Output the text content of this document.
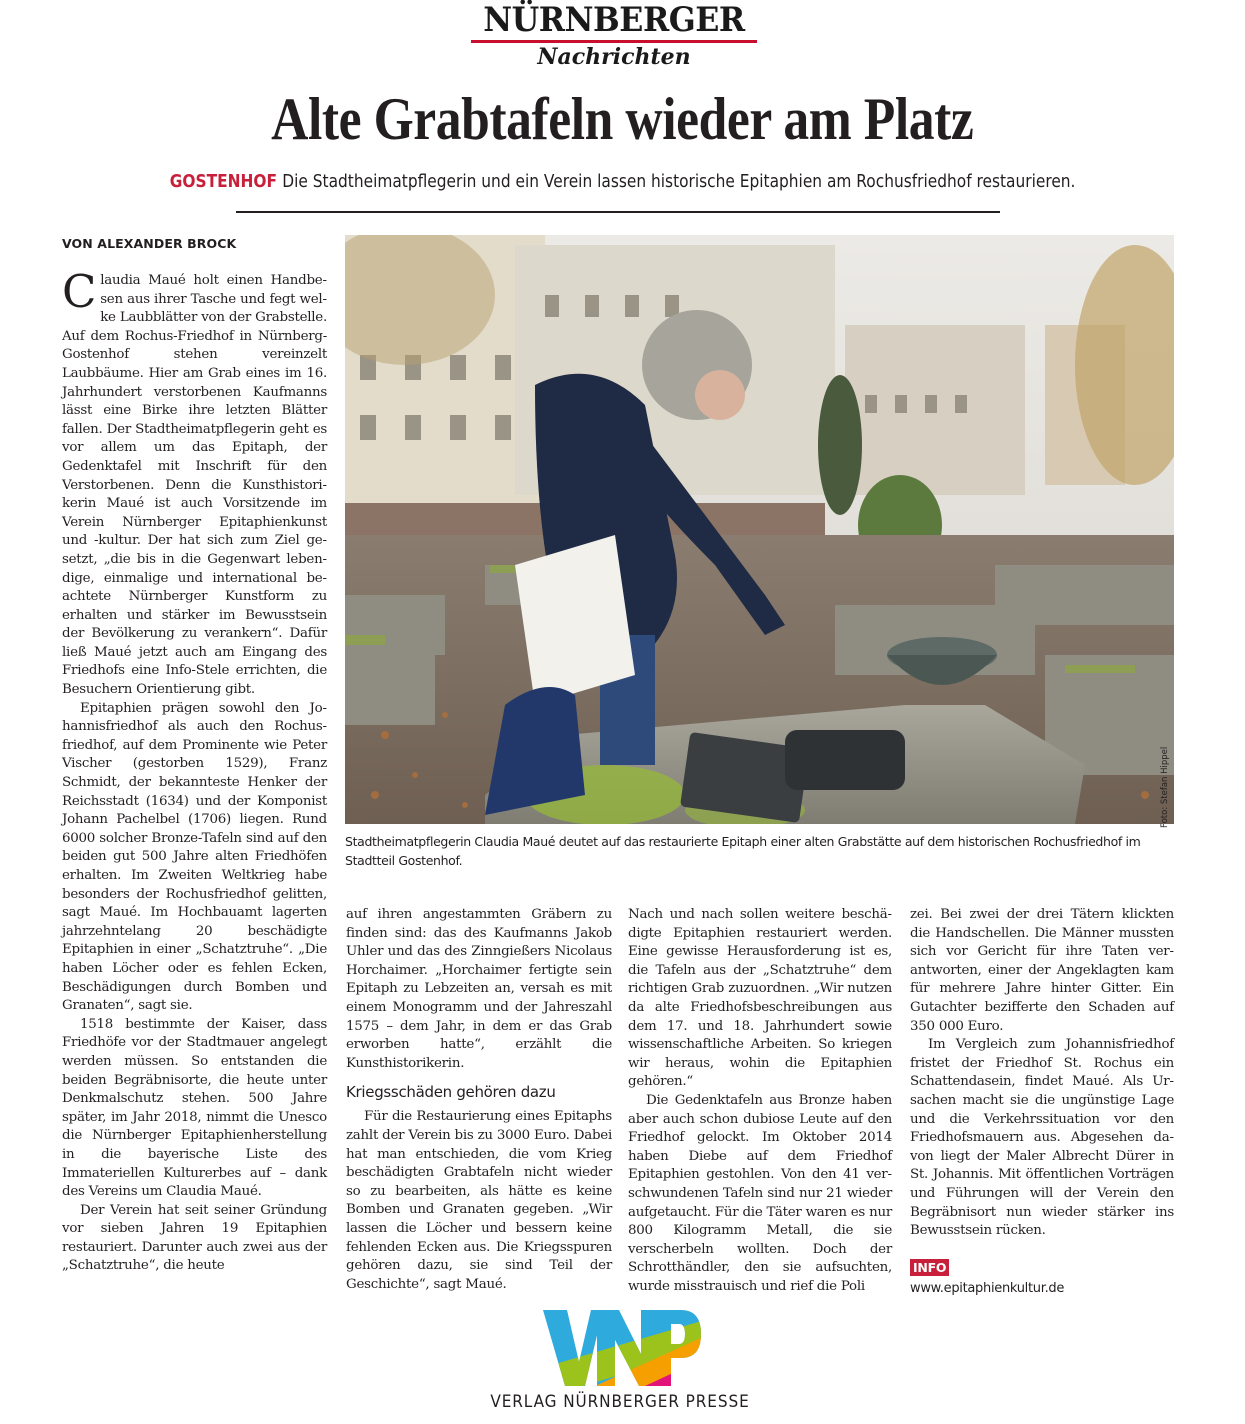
NÜRNBERGER
Nachrichten
Alte Grabtafeln wieder am Platz
GOSTENHOF Die Stadtheimatpflegerin und ein Verein lassen historische Epitaphien am Rochusfriedhof restaurieren.
VON ALEXANDER BROCK

Claudia Maué holt einen Handbesen aus ihrer Tasche und fegt welke Laubblätter von der Grabstelle. Auf dem Rochus-Friedhof in Nürnberg-Gostenhof stehen vereinzelt Laubbäume. Hier am Grab eines im 16. Jahrhundert verstorbenen Kaufmanns lässt eine Birke ihre letzten Blätter fallen. Der Stadtheimatpflegerin geht es vor allem um das Epitaph, der Gedenktafel mit Inschrift für den Verstorbenen. Denn die Kunsthistorikerin Maué ist auch Vorsitzende im Verein Nürnberger Epitaphienkunst und -kultur. Der hat sich zum Ziel gesetzt, „die bis in die Gegenwart lebendige, einmalige und international beachtete Nürnberger Kunstform zu erhalten und stärker im Bewusstsein der Bevölkerung zu verankern“. Dafür ließ Maué jetzt auch am Eingang des Friedhofs eine Info-Stele errichten, die Besuchern Orientierung gibt.

Epitaphien prägen sowohl den Johannisfriedhof als auch den Rochusfriedhof, auf dem Prominente wie Peter Vischer (gestorben 1529), Franz Schmidt, der bekannteste Henker der Reichsstadt (1634) und der Komponist Johann Pachelbel (1706) liegen. Rund 6000 solcher Bronze-Tafeln sind auf den beiden gut 500 Jahre alten Friedhöfen erhalten. Im Zweiten Weltkrieg habe besonders der Rochusfriedhof gelitten, sagt Maué. Im Hochbauamt lagerten jahrzehntelang 20 beschädigte Epitaphien in einer „Schatztruhe“. „Die haben Löcher oder es fehlen Ecken, Beschädigungen durch Bomben und Granaten“, sagt sie.

1518 bestimmte der Kaiser, dass Friedhöfe vor der Stadtmauer angelegt werden müssen. So entstanden die beiden Begräbnisorte, die heute unter Denkmalschutz stehen. 500 Jahre später, im Jahr 2018, nimmt die Unesco die Nürnberger Epitaphienherstellung in die bayerische Liste des Immateriellen Kulturerbes auf – dank des Vereins um Claudia Maué.

Der Verein hat seit seiner Gründung vor sieben Jahren 19 Epitaphien restauriert. Darunter auch zwei aus der „Schatztruhe“, die heute

Foto: Stefan Hippel
Stadtheimatpflegerin Claudia Maué deutet auf das restaurierte Epitaph einer alten Grabstätte auf dem historischen Rochusfriedhof im Stadtteil Gostenhof.

auf ihren angestammten Gräbern zu finden sind: das des Kaufmanns Jakob Uhler und das des Zinngießers Nicolaus Horchaimer. „Horchaimer fertigte sein Epitaph zu Lebzeiten an, versah es mit einem Monogramm und der Jahreszahl 1575 – dem Jahr, in dem er das Grab erworben hatte“, erzählt die Kunsthistorikerin.

Kriegsschäden gehören dazu

Für die Restaurierung eines Epitaphs zahlt der Verein bis zu 3000 Euro. Dabei hat man entschieden, die vom Krieg beschädigten Grabtafeln nicht wieder so zu bearbeiten, als hätte es keine Bomben und Granaten gegeben. „Wir lassen die Löcher und bessern keine fehlenden Ecken aus. Die Kriegsspuren gehören dazu, sie sind Teil der Geschichte“, sagt Maué.

Nach und nach sollen weitere beschädigte Epitaphien restauriert werden. Eine gewisse Herausforderung ist es, die Tafeln aus der „Schatztruhe“ dem richtigen Grab zuzuordnen. „Wir nutzen da alte Friedhofsbeschreibungen aus dem 17. und 18. Jahrhundert sowie wissenschaftliche Arbeiten. So kriegen wir heraus, wohin die Epitaphien gehören.“

Die Gedenktafeln aus Bronze haben aber auch schon dubiose Leute auf den Friedhof gelockt. Im Oktober 2014 haben Diebe auf dem Friedhof Epitaphien gestohlen. Von den 41 verschwundenen Tafeln sind nur 21 wieder aufgetaucht. Für die Täter waren es nur 800 Kilogramm Metall, die sie verscherbeln wollten. Doch der Schrotthändler, den sie aufsuchten, wurde misstrauisch und rief die Poli

zei. Bei zwei der drei Tätern klickten die Handschellen. Die Männer mussten sich vor Gericht für ihre Taten verantworten, einer der Angeklagten kam für mehrere Jahre hinter Gitter. Ein Gutachter bezifferte den Schaden auf 350 000 Euro.

Im Vergleich zum Johannisfriedhof fristet der Friedhof St. Rochus ein Schattendasein, findet Maué. Als Ursachen macht sie die ungünstige Lage und die Verkehrssituation vor den Friedhofsmauern aus. Abgesehen davon liegt der Maler Albrecht Dürer in St. Johannis. Mit öffentlichen Vorträgen und Führungen will der Verein den Begräbnisort nun wieder stärker ins Bewusstsein rücken.

INFO
www.epitaphienkultur.de
VERLAG NÜRNBERGER PRESSE
